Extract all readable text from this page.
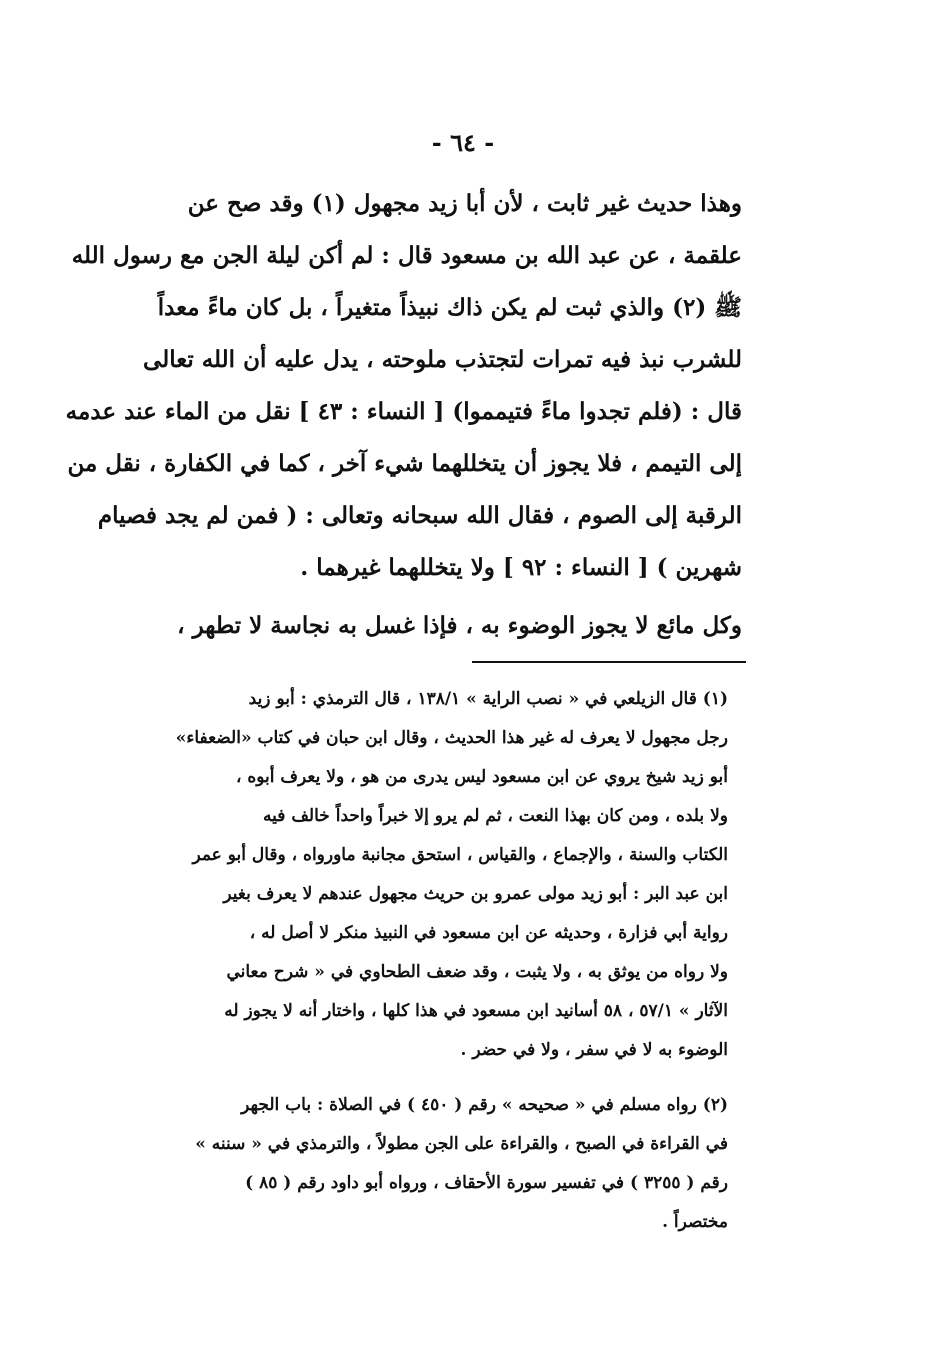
- ٦٤ -
وهذا حديث غير ثابت ، لأن أبا زيد مجهول (١) وقد صح عن
علقمة ، عن عبد الله بن مسعود قال : لم أكن ليلة الجن مع رسول الله
ﷺ (٢) والذي ثبت لم يكن ذاك نبيذاً متغيراً ، بل كان ماءً معداً
للشرب نبذ فيه تمرات لتجتذب ملوحته ، يدل عليه أن الله تعالى
قال : (فلم تجدوا ماءً فتيمموا) [ النساء : ٤٣ ] نقل من الماء عند عدمه
إلى التيمم ، فلا يجوز أن يتخللهما شيء آخر ، كما في الكفارة ، نقل من
الرقبة إلى الصوم ، فقال الله سبحانه وتعالى : ( فمن لم يجد فصيام
شهرين ) [ النساء : ٩٢ ] ولا يتخللهما غيرهما .
وكل مائع لا يجوز الوضوء به ، فإذا غسل به نجاسة لا تطهر ،
(١) قال الزيلعي في « نصب الراية » ١٣٨/١ ، قال الترمذي : أبو زيد
رجل مجهول لا يعرف له غير هذا الحديث ، وقال ابن حبان في كتاب «الضعفاء»
أبو زيد شيخ يروي عن ابن مسعود ليس يدرى من هو ، ولا يعرف أبوه ،
ولا بلده ، ومن كان بهذا النعت ، ثم لم يرو إلا خبراً واحداً خالف فيه
الكتاب والسنة ، والإجماع ، والقياس ، استحق مجانبة ماورواه ، وقال أبو عمر
ابن عبد البر : أبو زيد مولى عمرو بن حريث مجهول عندهم لا يعرف بغير
رواية أبي فزارة ، وحديثه عن ابن مسعود في النبيذ منكر لا أصل له ،
ولا رواه من يوثق به ، ولا يثبت ، وقد ضعف الطحاوي في « شرح معاني
الآثار » ٥٧/١ ، ٥٨ أسانيد ابن مسعود في هذا كلها ، واختار أنه لا يجوز له
الوضوء به لا في سفر ، ولا في حضر .
(٢) رواه مسلم في « صحيحه » رقم ( ٤٥٠ ) في الصلاة : باب الجهر
في القراءة في الصبح ، والقراءة على الجن مطولاً ، والترمذي في « سننه »
رقم ( ٣٢٥٥ ) في تفسير سورة الأحقاف ، ورواه أبو داود رقم ( ٨٥ )
مختصراً .
